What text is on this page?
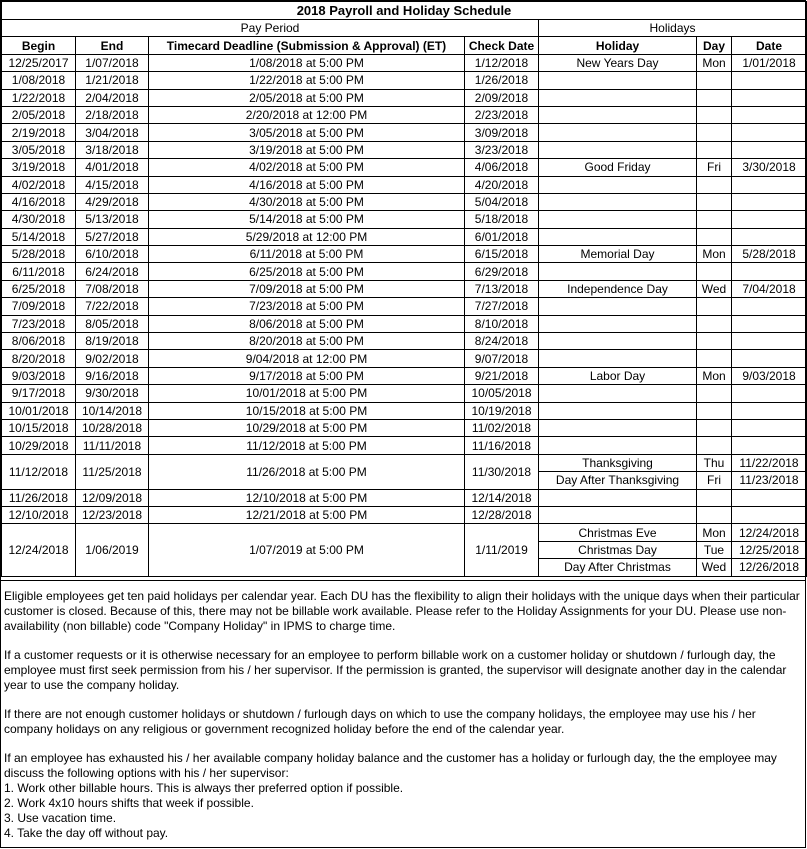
2018 Payroll and Holiday Schedule						
Pay Period				Holidays		
Begin	End	Timecard Deadline (Submission & Approval) (ET)	Check Date	Holiday	Day	Date
12/25/2017	1/07/2018	1/08/2018 at 5:00 PM	1/12/2018	New Years Day	Mon	1/01/2018
1/08/2018	1/21/2018	1/22/2018 at 5:00 PM	1/26/2018			
1/22/2018	2/04/2018	2/05/2018 at 5:00 PM	2/09/2018			
2/05/2018	2/18/2018	2/20/2018 at 12:00 PM	2/23/2018			
2/19/2018	3/04/2018	3/05/2018 at 5:00 PM	3/09/2018			
3/05/2018	3/18/2018	3/19/2018 at 5:00 PM	3/23/2018			
3/19/2018	4/01/2018	4/02/2018 at 5:00 PM	4/06/2018	Good Friday	Fri	3/30/2018
4/02/2018	4/15/2018	4/16/2018 at 5:00 PM	4/20/2018			
4/16/2018	4/29/2018	4/30/2018 at 5:00 PM	5/04/2018			
4/30/2018	5/13/2018	5/14/2018 at 5:00 PM	5/18/2018			
5/14/2018	5/27/2018	5/29/2018 at 12:00 PM	6/01/2018			
5/28/2018	6/10/2018	6/11/2018 at 5:00 PM	6/15/2018	Memorial Day	Mon	5/28/2018
6/11/2018	6/24/2018	6/25/2018 at 5:00 PM	6/29/2018			
6/25/2018	7/08/2018	7/09/2018 at 5:00 PM	7/13/2018	Independence Day	Wed	7/04/2018
7/09/2018	7/22/2018	7/23/2018 at 5:00 PM	7/27/2018			
7/23/2018	8/05/2018	8/06/2018 at 5:00 PM	8/10/2018			
8/06/2018	8/19/2018	8/20/2018 at 5:00 PM	8/24/2018			
8/20/2018	9/02/2018	9/04/2018 at 12:00 PM	9/07/2018			
9/03/2018	9/16/2018	9/17/2018 at 5:00 PM	9/21/2018	Labor Day	Mon	9/03/2018
9/17/2018	9/30/2018	10/01/2018 at 5:00 PM	10/05/2018			
10/01/2018	10/14/2018	10/15/2018 at 5:00 PM	10/19/2018			
10/15/2018	10/28/2018	10/29/2018 at 5:00 PM	11/02/2018			
10/29/2018	11/11/2018	11/12/2018 at 5:00 PM	11/16/2018			
11/12/2018	11/25/2018	11/26/2018 at 5:00 PM	11/30/2018	Thanksgiving	Thu	11/22/2018
				Day After Thanksgiving	Fri	11/23/2018
11/26/2018	12/09/2018	12/10/2018 at 5:00 PM	12/14/2018			
12/10/2018	12/23/2018	12/21/2018 at 5:00 PM	12/28/2018			
12/24/2018	1/06/2019	1/07/2019 at 5:00 PM	1/11/2019	Christmas Eve	Mon	12/24/2018
				Christmas Day	Tue	12/25/2018
				Day After Christmas	Wed	12/26/2018

Eligible employees get ten paid holidays per calendar year. Each DU has the flexibility to align their holidays with the unique days when their particular customer is closed. Because of this, there may not be billable work available. Please refer to the Holiday Assignments for your DU. Please use non-availability (non billable) code "Company Holiday" in IPMS to charge time.

If a customer requests or it is otherwise necessary for an employee to perform billable work on a customer holiday or shutdown / furlough day, the employee must first seek permission from his / her supervisor. If the permission is granted, the supervisor will designate another day in the calendar year to use the company holiday.

If there are not enough customer holidays or shutdown / furlough days on which to use the company holidays, the employee may use his / her company holidays on any religious or government recognized holiday before the end of the calendar year.

If an employee has exhausted his / her available company holiday balance and the customer has a holiday or furlough day, the the employee may discuss the following options with his / her supervisor:

1. Work other billable hours. This is always ther preferred option if possible.
2. Work 4x10 hours shifts that week if possible.
3. Use vacation time.
4. Take the day off without pay.
